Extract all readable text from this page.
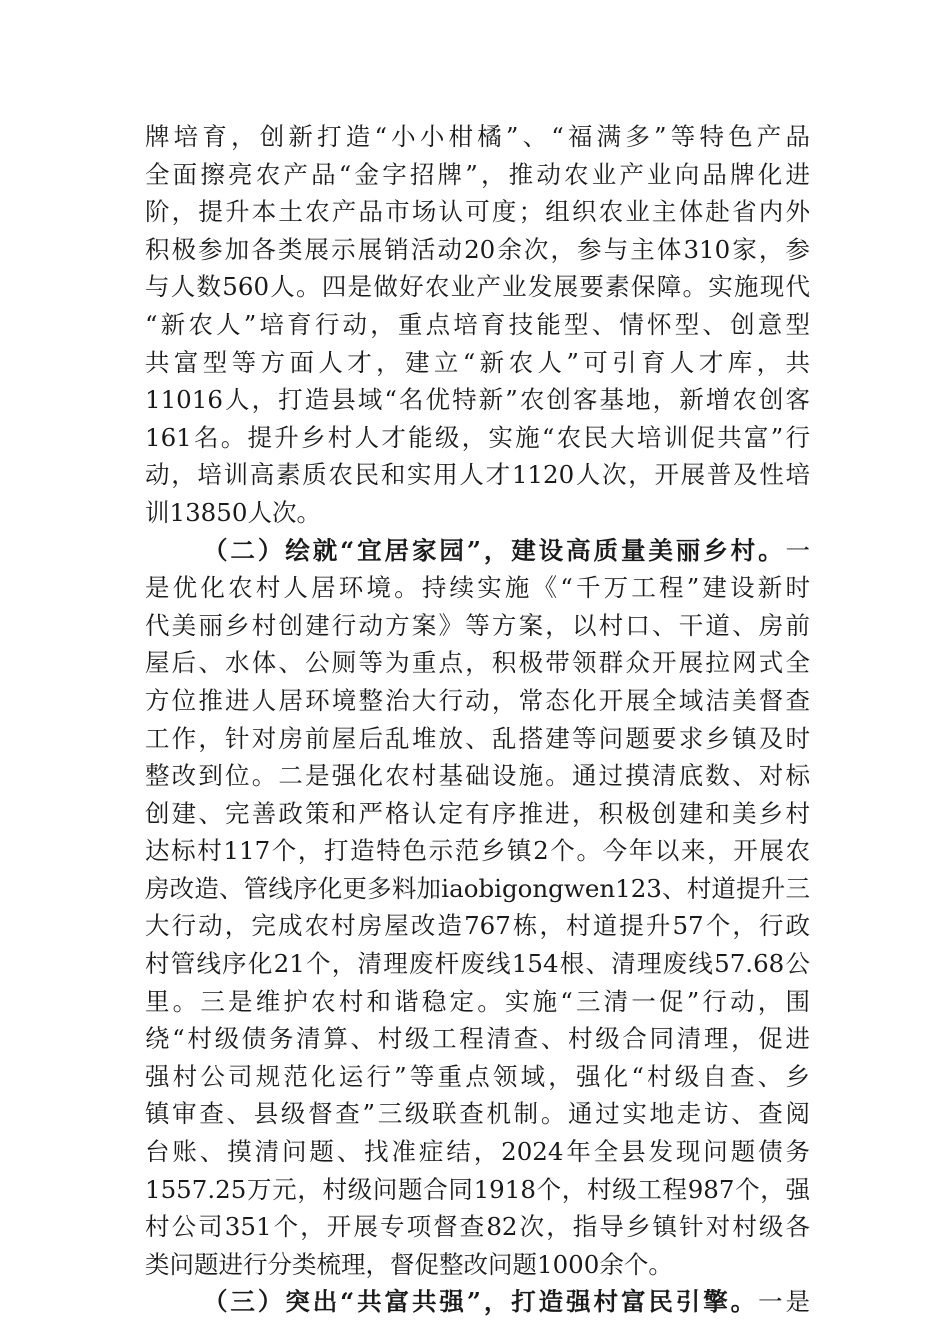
牌培育，创新打造“小小柑橘”、“福满多”等特色产品
全面擦亮农产品“金字招牌”，推动农业产业向品牌化进
阶，提升本土农产品市场认可度；组织农业主体赴省内外
积极参加各类展示展销活动20余次，参与主体310家，参
与人数560人。四是做好农业产业发展要素保障。实施现代
“新农人”培育行动，重点培育技能型、情怀型、创意型
共富型等方面人才，建立“新农人”可引育人才库，共
11016人，打造县域“名优特新”农创客基地，新增农创客
161名。提升乡村人才能级，实施“农民大培训促共富”行
动，培训高素质农民和实用人才1120人次，开展普及性培
训13850人次。
（二）绘就“宜居家园”，建设高质量美丽乡村。一
是优化农村人居环境。持续实施《“千万工程”建设新时
代美丽乡村创建行动方案》等方案，以村口、干道、房前
屋后、水体、公厕等为重点，积极带领群众开展拉网式全
方位推进人居环境整治大行动，常态化开展全域洁美督查
工作，针对房前屋后乱堆放、乱搭建等问题要求乡镇及时
整改到位。二是强化农村基础设施。通过摸清底数、对标
创建、完善政策和严格认定有序推进，积极创建和美乡村
达标村117个，打造特色示范乡镇2个。今年以来，开展农
房改造、管线序化更多料加iaobigongwen123、村道提升三
大行动，完成农村房屋改造767栋，村道提升57个，行政
村管线序化21个，清理废杆废线154根、清理废线57.68公
里。三是维护农村和谐稳定。实施“三清一促”行动，围
绕“村级债务清算、村级工程清查、村级合同清理，促进
强村公司规范化运行”等重点领域，强化“村级自查、乡
镇审查、县级督查”三级联查机制。通过实地走访、查阅
台账、摸清问题、找准症结，2024年全县发现问题债务
1557.25万元，村级问题合同1918个，村级工程987个，强
村公司351个，开展专项督查82次，指导乡镇针对村级各
类问题进行分类梳理，督促整改问题1000余个。
（三）突出“共富共强”，打造强村富民引擎。一是
